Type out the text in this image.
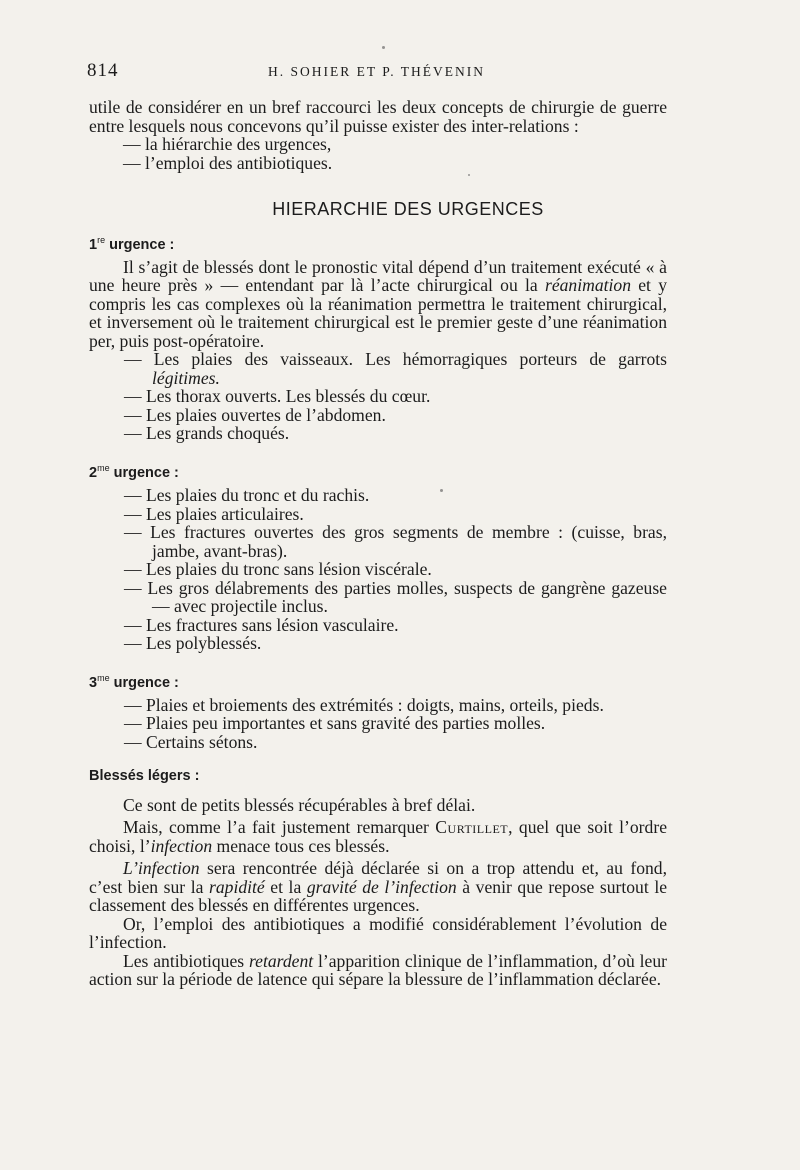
814	H. SOHIER ET P. THÉVENIN

utile de considérer en un bref raccourci les deux concepts de chirurgie de guerre entre lesquels nous concevons qu’il puisse exister des inter-relations :

— la hiérarchie des urgences,

— l’emploi des antibiotiques.

HIERARCHIE DES URGENCES

1re urgence :

Il s’agit de blessés dont le pronostic vital dépend d’un traitement exécuté « à une heure près » — entendant par là l’acte chirurgical ou la réanimation et y compris les cas complexes où la réanimation permettra le traitement chirurgical, et inversement où le traitement chirurgical est le premier geste d’une réanimation per, puis post-opératoire.

— Les plaies des vaisseaux. Les hémorragiques porteurs de garrots légitimes.
— Les thorax ouverts. Les blessés du cœur.
— Les plaies ouvertes de l’abdomen.
— Les grands choqués.

$2^{me}$ urgence :

— Les plaies du tronc et du rachis.
— Les plaies articulaires.
— Les fractures ouvertes des gros segments de membre : (cuisse, bras, jambe, avant-bras).
— Les plaies du tronc sans lésion viscérale.
— Les gros délabrements des parties molles, suspects de gangrène gazeuse — avec projectile inclus.
— Les fractures sans lésion vasculaire.
— Les polyblessés.

$3^{me}$ urgence :

— Plaies et broiements des extrémités : doigts, mains, orteils, pieds.
— Plaies peu importantes et sans gravité des parties molles.
— Certains sétons.

Blessés légers :

Ce sont de petits blessés récupérables à bref délai.

Mais, comme l’a fait justement remarquer Curtillet, quel que soit l’ordre choisi, l’infection menace tous ces blessés.

L’infection sera rencontrée déjà déclarée si on a trop attendu et, au fond, c’est bien sur la rapidité et la gravité de l’infection à venir que repose surtout le classement des blessés en différentes urgences.

Or, l’emploi des antibiotiques a modifié considérablement l’évolution de l’infection.

Les antibiotiques retardent l’apparition clinique de l’inflammation, d’où leur action sur la période de latence qui sépare la blessure de l’inflammation déclarée.
